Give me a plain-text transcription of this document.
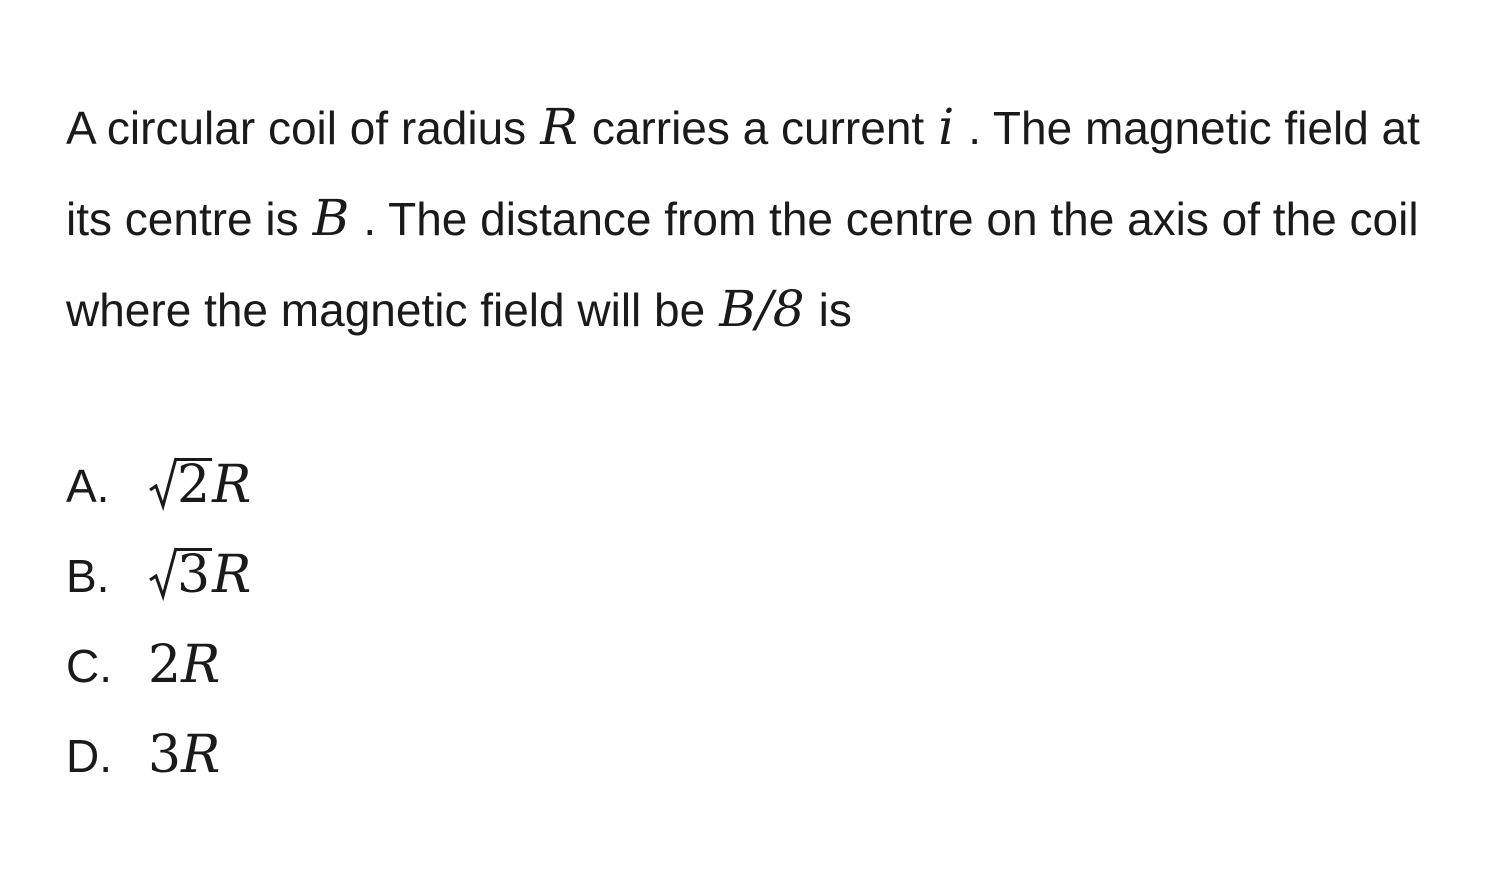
A circular coil of radius R carries a current i . The magnetic field at its centre is B . The distance from the centre on the axis of the coil where the magnetic field will be B/8 is
A. 2R
B. 3R
C. 2R
D. 3R
